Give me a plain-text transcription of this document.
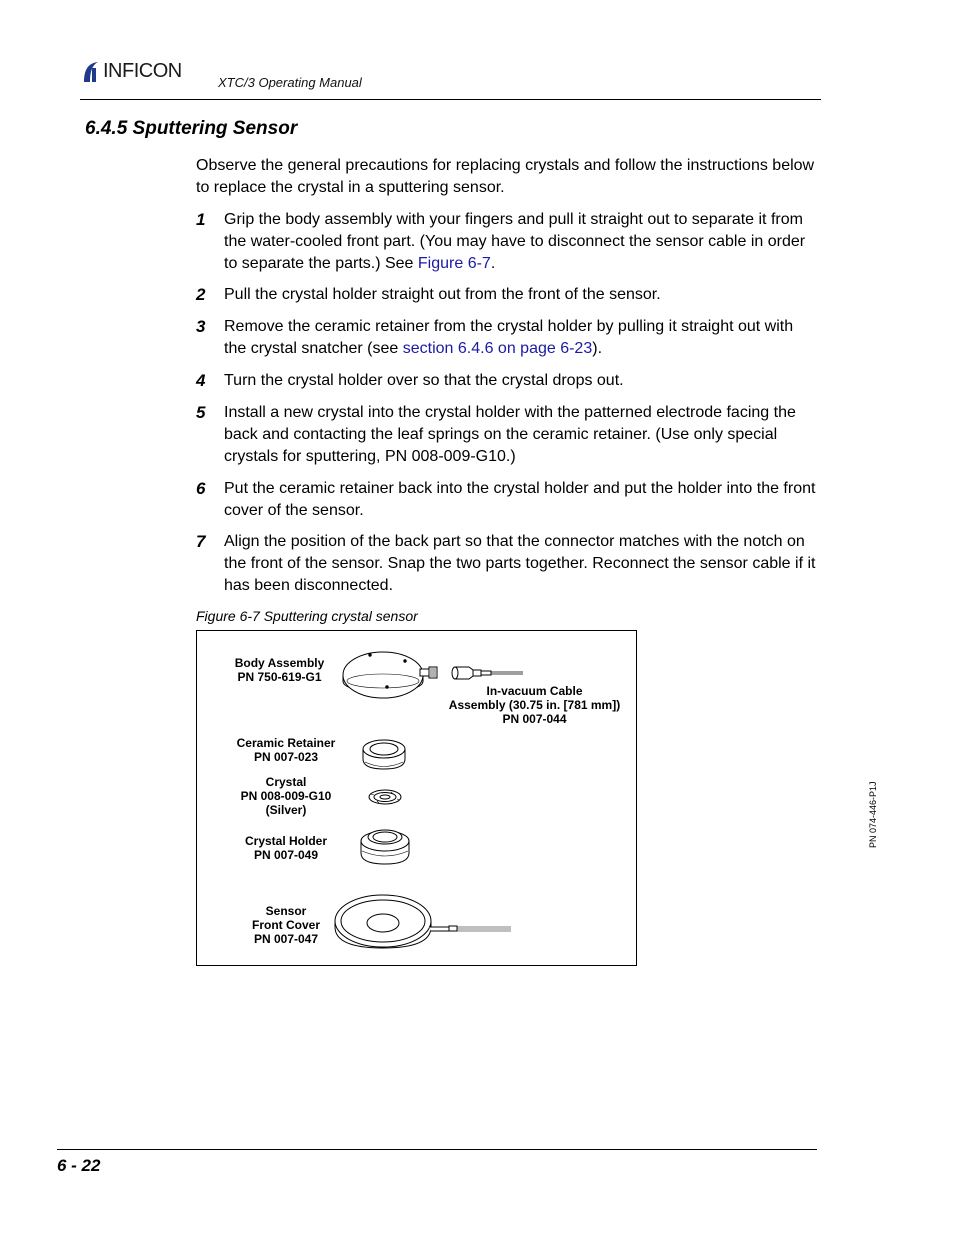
INFICON
XTC/3 Operating Manual
6.4.5 Sputtering Sensor
Observe the general precautions for replacing crystals and follow the instructions below to replace the crystal in a sputtering sensor.
1 Grip the body assembly with your fingers and pull it straight out to separate it from the water-cooled front part. (You may have to disconnect the sensor cable in order to separate the parts.) See Figure 6-7.
2 Pull the crystal holder straight out from the front of the sensor.
3 Remove the ceramic retainer from the crystal holder by pulling it straight out with the crystal snatcher (see section 6.4.6 on page 6-23).
4 Turn the crystal holder over so that the crystal drops out.
5 Install a new crystal into the crystal holder with the patterned electrode facing the back and contacting the leaf springs on the ceramic retainer. (Use only special crystals for sputtering, PN 008-009-G10.)
6 Put the ceramic retainer back into the crystal holder and put the holder into the front cover of the sensor.
7 Align the position of the back part so that the connector matches with the notch on the front of the sensor. Snap the two parts together. Reconnect the sensor cable if it has been disconnected.
Figure 6-7 Sputtering crystal sensor
Body Assembly
PN 750-619-G1
In-vacuum Cable
Assembly (30.75 in. [781 mm])
PN 007-044
Ceramic Retainer
PN 007-023
Crystal
PN 008-009-G10
(Silver)
Crystal Holder
PN 007-049
Sensor
Front Cover
PN 007-047
PN 074-446-P1J
6 - 22
